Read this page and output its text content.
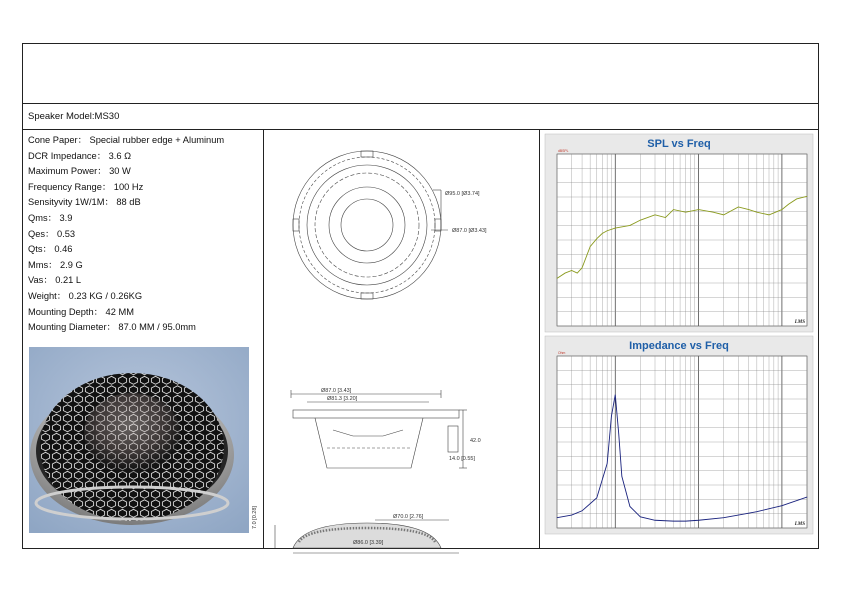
Speaker Model:MS30
Cone Paper： Special rubber edge + Aluminum
DCR Impedance： 3.6 Ω
Maximum Power： 30 W
Frequency Range： 100 Hz
Sensityvity 1W/1M： 88 dB
Qms： 3.9
Qes： 0.53
Qts： 0.46
Mms： 2.9 G
Vas： 0.21 L
Weight： 0.23 KG / 0.26KG
Mounting Depth： 42 MM
Mounting Diameter： 87.0 MM / 95.0mm
Ø95.0 [Ø3.74]
Ø87.0 [Ø3.43]
Ø87.0 [3.43]
Ø81.3 [3.20]
42.0
14.0 [0.55]
Ø70.0 [2.76]
Ø86.0 [3.39]
7.0 [0.28]
SPL vs Freq
dBSPL
LMS
Impedance vs Freq
Ohm
LMS
